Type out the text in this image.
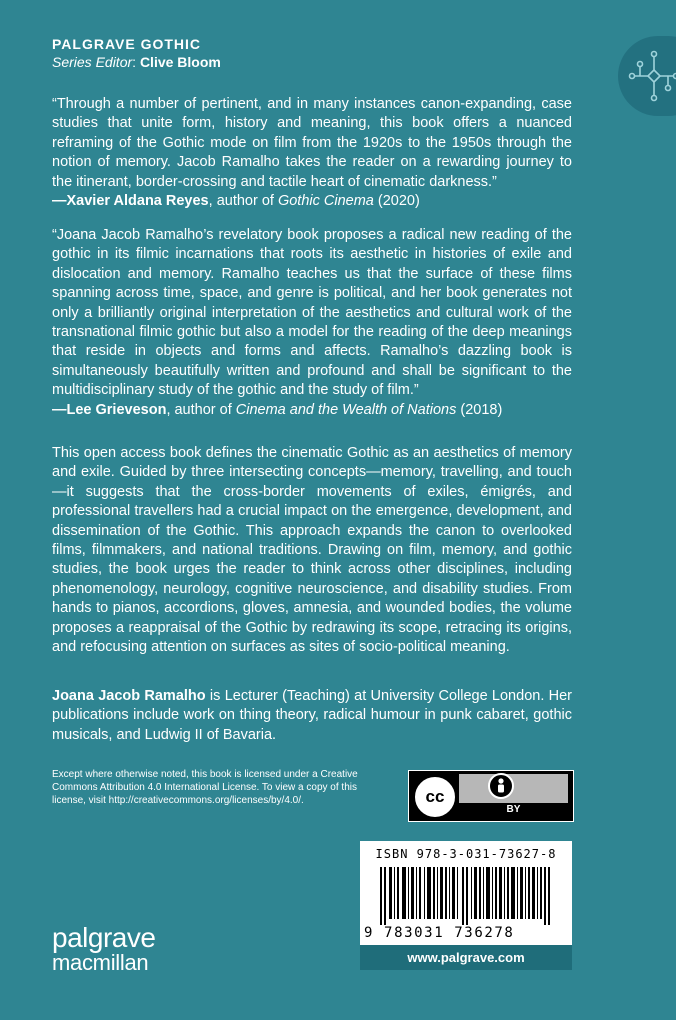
PALGRAVE GOTHIC
Series Editor: Clive Bloom

“Through a number of pertinent, and in many instances canon-expanding, case studies that unite form, history and meaning, this book offers a nuanced reframing of the Gothic mode on film from the 1920s to the 1950s through the notion of memory. Jacob Ramalho takes the reader on a rewarding journey to the itinerant, border-crossing and tactile heart of cinematic darkness.”
—Xavier Aldana Reyes, author of Gothic Cinema (2020)

“Joana Jacob Ramalho’s revelatory book proposes a radical new reading of the gothic in its filmic incarnations that roots its aesthetic in histories of exile and dislocation and memory. Ramalho teaches us that the surface of these films spanning across time, space, and genre is political, and her book generates not only a brilliantly original interpretation of the aesthetics and cultural work of the transnational filmic gothic but also a model for the reading of the deep meanings that reside in objects and forms and affects. Ramalho’s dazzling book is simultaneously beautifully written and profound and shall be significant to the multidisciplinary study of the gothic and the study of film.”
—Lee Grieveson, author of Cinema and the Wealth of Nations (2018)

This open access book defines the cinematic Gothic as an aesthetics of memory and exile. Guided by three intersecting concepts—memory, travelling, and touch—it suggests that the cross-border movements of exiles, émigrés, and professional travellers had a crucial impact on the emergence, development, and dissemination of the Gothic. This approach expands the canon to overlooked films, filmmakers, and national traditions. Drawing on film, memory, and gothic studies, the book urges the reader to think across other disciplines, including phenomenology, neurology, cognitive neuroscience, and disability studies. From hands to pianos, accordions, gloves, amnesia, and wounded bodies, the volume proposes a reappraisal of the Gothic by redrawing its scope, retracing its origins, and refocusing attention on surfaces as sites of socio-political meaning.

Joana Jacob Ramalho is Lecturer (Teaching) at University College London. Her publications include work on thing theory, radical humour in punk cabaret, gothic musicals, and Ludwig II of Bavaria.

Except where otherwise noted, this book is licensed under a Creative Commons Attribution 4.0 International License. To view a copy of this license, visit http://creativecommons.org/licenses/by/4.0/.	cc
BY
ISBN 978-3-031-73627-8
9 783031 736278
www.palgrave.com
palgrave
macmillan
